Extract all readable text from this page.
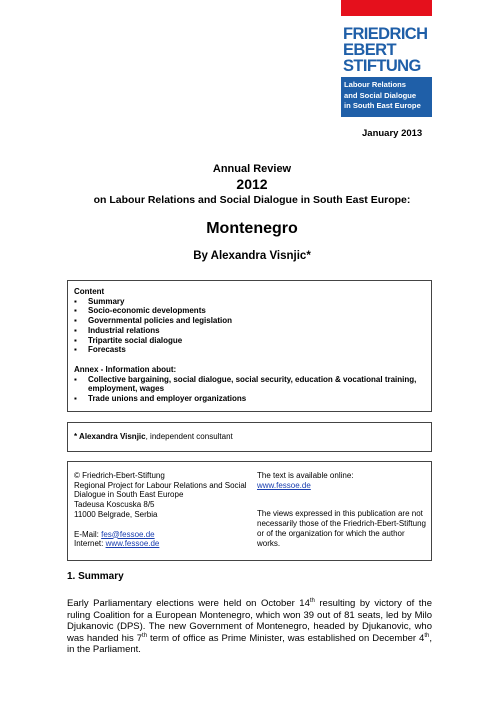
FRIEDRICH
EBERT
STIFTUNG
Labour Relations
and Social Dialogue
in South East Europe
January 2013
Annual Review
2012
on Labour Relations and Social Dialogue in South East Europe:
Montenegro
By Alexandra Visnjic*
Content
▪ Summary
▪ Socio-economic developments
▪ Governmental policies and legislation
▪ Industrial relations
▪ Tripartite social dialogue
▪ Forecasts
Annex - Information about:
▪ Collective bargaining, social dialogue, social security, education & vocational training, employment, wages
▪ Trade unions and employer organizations
* Alexandra Visnjic, independent consultant
© Friedrich-Ebert-Stiftung
Regional Project for Labour Relations and Social Dialogue in South East Europe
Tadeusa Koscuska 8/5
11000 Belgrade, Serbia
E-Mail: fes@fessoe.de
Internet: www.fessoe.de
The text is available online:
www.fessoe.de
The views expressed in this publication are not necessarily those of the Friedrich-Ebert-Stiftung or of the organization for which the author works.
1. Summary
Early Parliamentary elections were held on October 14th resulting by victory of the ruling Coalition for a European Montenegro, which won 39 out of 81 seats, led by Milo Djukanovic (DPS). The new Government of Montenegro, headed by Djukanovic, who was handed his 7th term of office as Prime Minister, was established on December 4th, in the Parliament.
